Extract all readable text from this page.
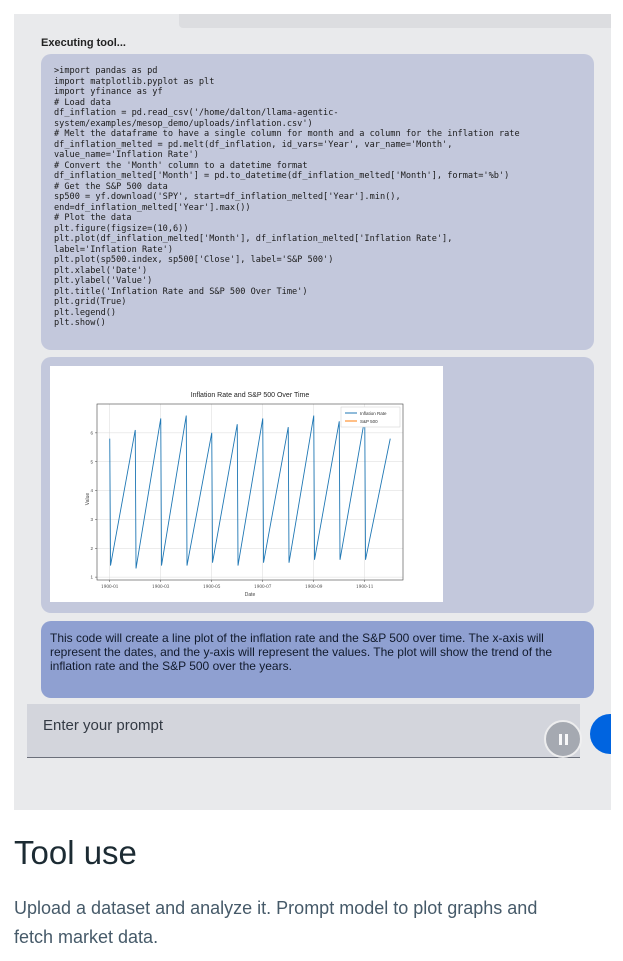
Executing tool...
>import pandas as pd
import matplotlib.pyplot as plt
import yfinance as yf
# Load data
df_inflation = pd.read_csv('/home/dalton/llama-agentic-
system/examples/mesop_demo/uploads/inflation.csv')
# Melt the dataframe to have a single column for month and a column for the inflation rate
df_inflation_melted = pd.melt(df_inflation, id_vars='Year', var_name='Month',
value_name='Inflation Rate')
# Convert the 'Month' column to a datetime format
df_inflation_melted['Month'] = pd.to_datetime(df_inflation_melted['Month'], format='%b')
# Get the S&P 500 data
sp500 = yf.download('SPY', start=df_inflation_melted['Year'].min(),
end=df_inflation_melted['Year'].max())
# Plot the data
plt.figure(figsize=(10,6))
plt.plot(df_inflation_melted['Month'], df_inflation_melted['Inflation Rate'],
label='Inflation Rate')
plt.plot(sp500.index, sp500['Close'], label='S&P 500')
plt.xlabel('Date')
plt.ylabel('Value')
plt.title('Inflation Rate and S&P 500 Over Time')
plt.grid(True)
plt.legend()
plt.show()
Inflation Rate and S&P 500 Over Time
Date
Value
1
2
3
4
5
6
1900-01	1900-03	1900-05	1900-07	1900-09	1900-11
Inflation Rate
S&P 500
This code will create a line plot of the inflation rate and the S&P 500 over time. The x-axis will represent the dates, and the y-axis will represent the values. The plot will show the trend of the inflation rate and the S&P 500 over the years.
Enter your prompt
Tool use

Upload a dataset and analyze it. Prompt model to plot graphs and fetch market data.
